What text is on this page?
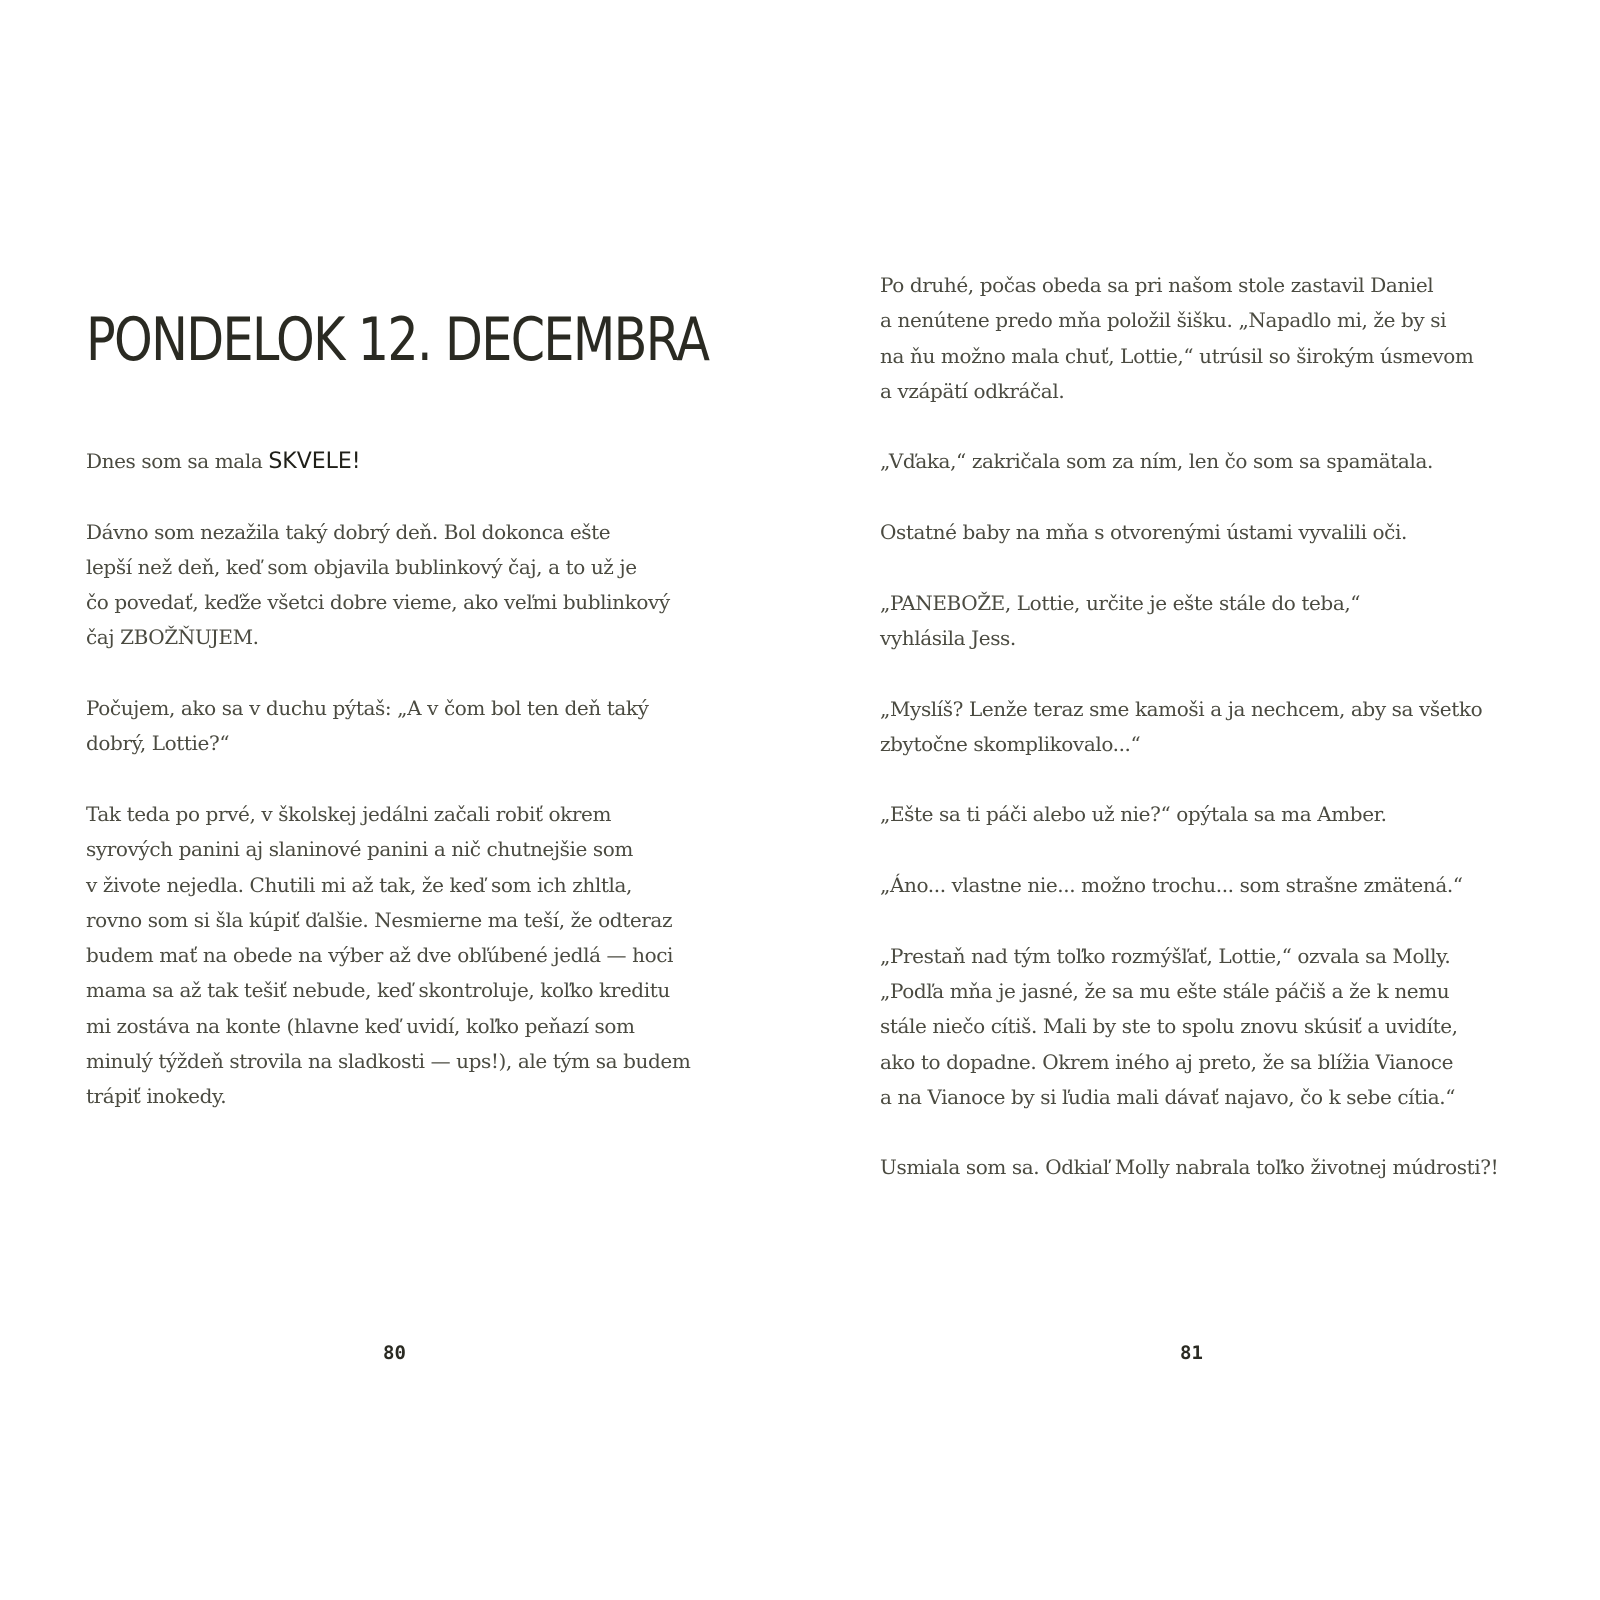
PONDELOK 12. DECEMBRA

Dnes som sa mala SKVELE!

Dávno som nezažila taký dobrý deň. Bol dokonca ešte
lepší než deň, keď som objavila bublinkový čaj, a to už je
čo povedať, keďže všetci dobre vieme, ako veľmi bublinkový
čaj ZBOŽŇUJEM.

Počujem, ako sa v duchu pýtaš: „A v čom bol ten deň taký
dobrý, Lottie?“

Tak teda po prvé, v školskej jedálni začali robiť okrem
syrových panini aj slaninové panini a nič chutnejšie som
v živote nejedla. Chutili mi až tak, že keď som ich zhltla,
rovno som si šla kúpiť ďalšie. Nesmierne ma teší, že odteraz
budem mať na obede na výber až dve obľúbené jedlá — hoci
mama sa až tak tešiť nebude, keď skontroluje, koľko kreditu
mi zostáva na konte (hlavne keď uvidí, koľko peňazí som
minulý týždeň strovila na sladkosti — ups!), ale tým sa budem
trápiť inokedy.

80

Po druhé, počas obeda sa pri našom stole zastavil Daniel
a nenútene predo mňa položil šišku. „Napadlo mi, že by si
na ňu možno mala chuť, Lottie,“ utrúsil so širokým úsmevom
a vzápätí odkráčal.

„Vďaka,“ zakričala som za ním, len čo som sa spamätala.

Ostatné baby na mňa s otvorenými ústami vyvalili oči.

„PANEBOŽE, Lottie, určite je ešte stále do teba,“
vyhlásila Jess.

„Myslíš? Lenže teraz sme kamoši a ja nechcem, aby sa všetko
zbytočne skomplikovalo...“

„Ešte sa ti páči alebo už nie?“ opýtala sa ma Amber.

„Áno... vlastne nie... možno trochu... som strašne zmätená.“

„Prestaň nad tým toľko rozmýšľať, Lottie,“ ozvala sa Molly.
„Podľa mňa je jasné, že sa mu ešte stále páčiš a že k nemu
stále niečo cítiš. Mali by ste to spolu znovu skúsiť a uvidíte,
ako to dopadne. Okrem iného aj preto, že sa blížia Vianoce
a na Vianoce by si ľudia mali dávať najavo, čo k sebe cítia.“

Usmiala som sa. Odkiaľ Molly nabrala toľko životnej múdrosti?!

81
